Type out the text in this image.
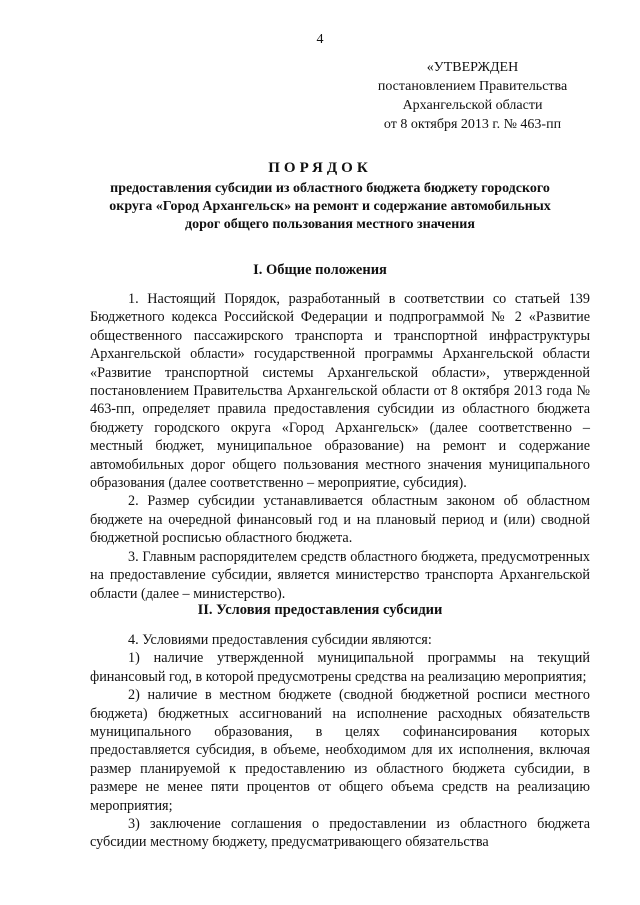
4
«УТВЕРЖДЕН
постановлением Правительства
Архангельской области
от 8 октября 2013 г. № 463-пп
ПОРЯДОК
предоставления субсидии из областного бюджета бюджету городского округа «Город Архангельск» на ремонт и содержание автомобильных дорог общего пользования местного значения
I. Общие положения

1. Настоящий Порядок, разработанный в соответствии со статьей 139 Бюджетного кодекса Российской Федерации и подпрограммой № 2 «Развитие общественного пассажирского транспорта и транспортной инфраструктуры Архангельской области» государственной программы Архангельской области «Развитие транспортной системы Архангельской области», утвержденной постановлением Правительства Архангельской области от 8 октября 2013 года № 463-пп, определяет правила предоставления субсидии из областного бюджета бюджету городского округа «Город Архангельск» (далее соответственно – местный бюджет, муниципальное образование) на ремонт и содержание автомобильных дорог общего пользования местного значения муниципального образования (далее соответственно – мероприятие, субсидия).

2. Размер субсидии устанавливается областным законом об областном бюджете на очередной финансовый год и на плановый период и (или) сводной бюджетной росписью областного бюджета.

3. Главным распорядителем средств областного бюджета, предусмотренных на предоставление субсидии, является министерство транспорта Архангельской области (далее – министерство).

II. Условия предоставления субсидии

4. Условиями предоставления субсидии являются:

1) наличие утвержденной муниципальной программы на текущий финансовый год, в которой предусмотрены средства на реализацию мероприятия;

2) наличие в местном бюджете (сводной бюджетной росписи местного бюджета) бюджетных ассигнований на исполнение расходных обязательств муниципального образования, в целях софинансирования которых предоставляется субсидия, в объеме, необходимом для их исполнения, включая размер планируемой к предоставлению из областного бюджета субсидии, в размере не менее пяти процентов от общего объема средств на реализацию мероприятия;

3) заключение соглашения о предоставлении из областного бюджета субсидии местному бюджету, предусматривающего обязательства
